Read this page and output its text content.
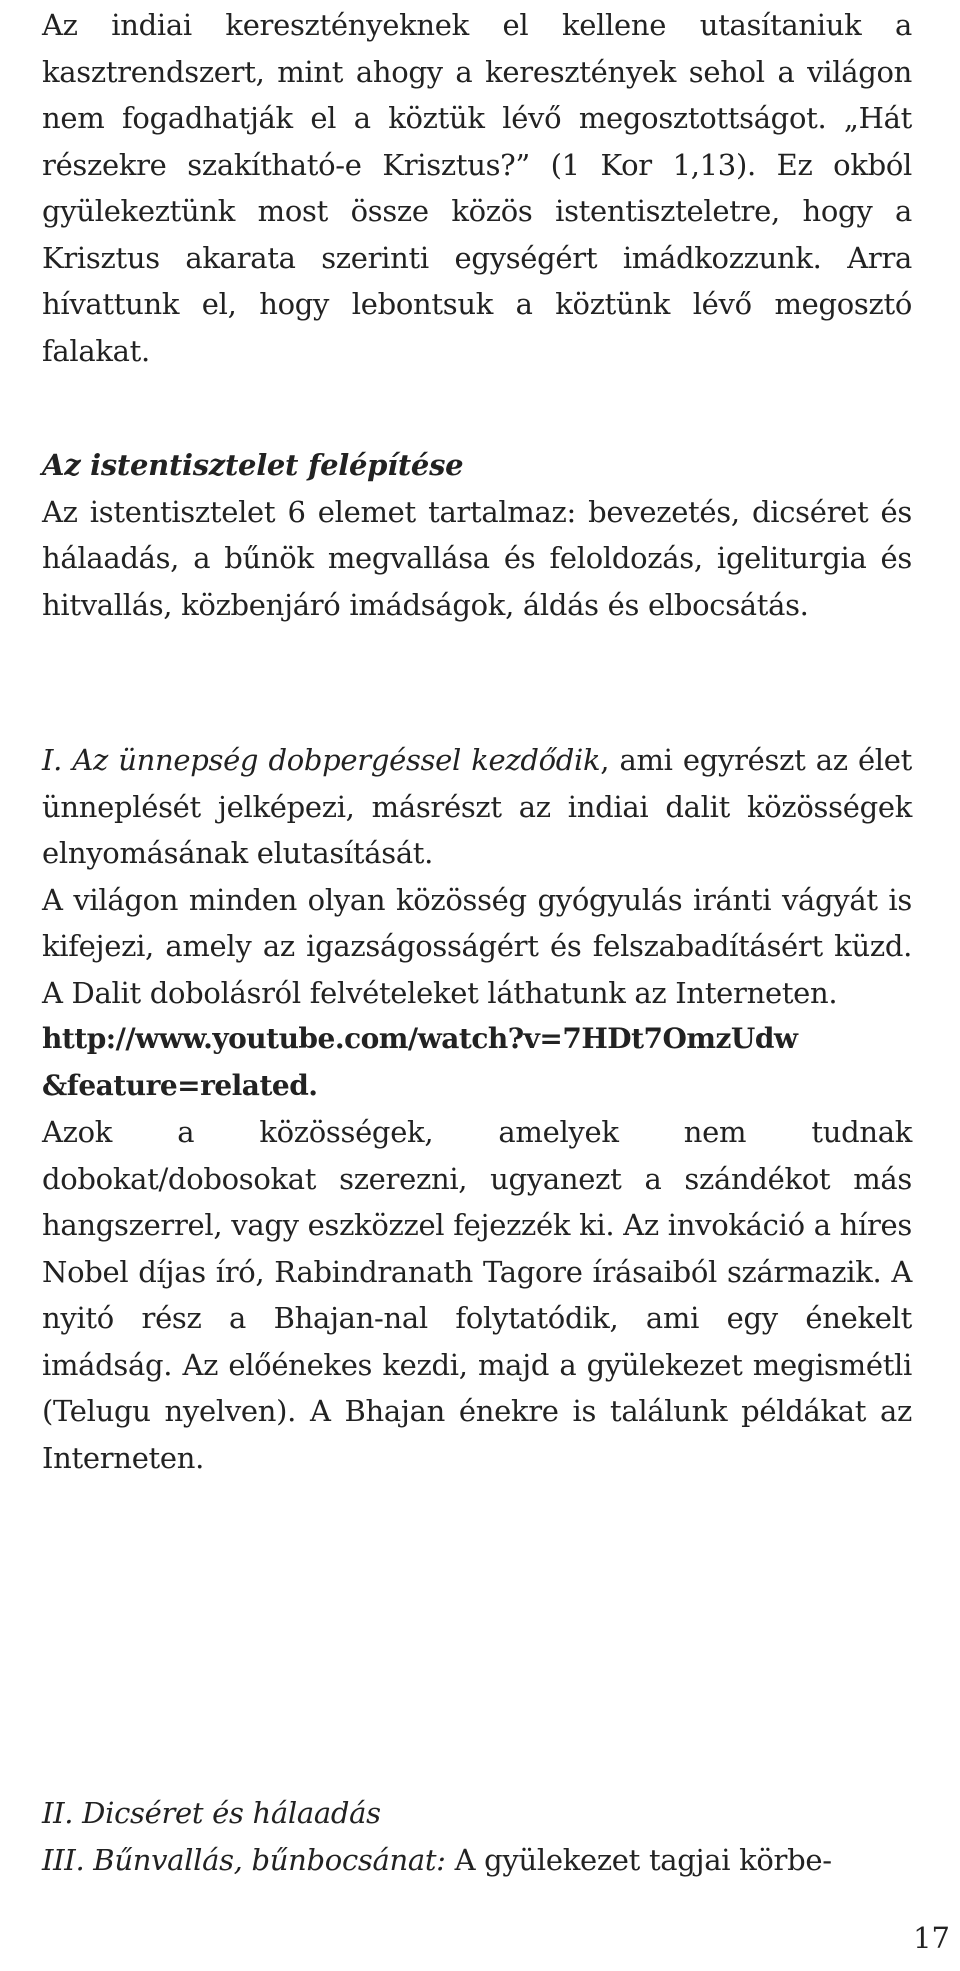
Az indiai keresztényeknek el kellene utasítaniuk a kasztrendszert, mint ahogy a keresztények sehol a világon nem fogadhatják el a köztük lévő megosztottságot. „Hát részekre szakítható-e Krisztus?” (1 Kor 1,13). Ez okból gyülekeztünk most össze közös istentiszteletre, hogy a Krisztus akarata szerinti egységért imádkozzunk. Arra hívattunk el, hogy lebontsuk a köztünk lévő megosztó falakat.

Az istentisztelet felépítése

Az istentisztelet 6 elemet tartalmaz: bevezetés, dicséret és hálaadás, a bűnök megvallása és feloldozás, igeliturgia és hitvallás, közbenjáró imádságok, áldás és elbocsátás.

I. Az ünnepség dobpergéssel kezdődik, ami egyrészt az élet ünneplését jelképezi, másrészt az indiai dalit közösségek elnyomásának elutasítását.

A világon minden olyan közösség gyógyulás iránti vágyát is kifejezi, amely az igazságosságért és felszabadításért küzd. A Dalit dobolásról felvételeket láthatunk az Interneten.

http://www.youtube.com/watch?v=7HDt7OmzUdw
&feature=related.

Azok a közösségek, amelyek nem tudnak dobokat/dobosokat szerezni, ugyanezt a szándékot más hangszerrel, vagy eszközzel fejezzék ki. Az invokáció a híres Nobel díjas író, Rabindranath Tagore írásaiból származik. A nyitó rész a Bhajan-nal folytatódik, ami egy énekelt imádság. Az előénekes kezdi, majd a gyülekezet megismétli (Telugu nyelven). A Bhajan énekre is találunk példákat az Interneten.

II. Dicséret és hálaadás

III. Bűnvallás, bűnbocsánat: A gyülekezet tagjai körbe-

17
